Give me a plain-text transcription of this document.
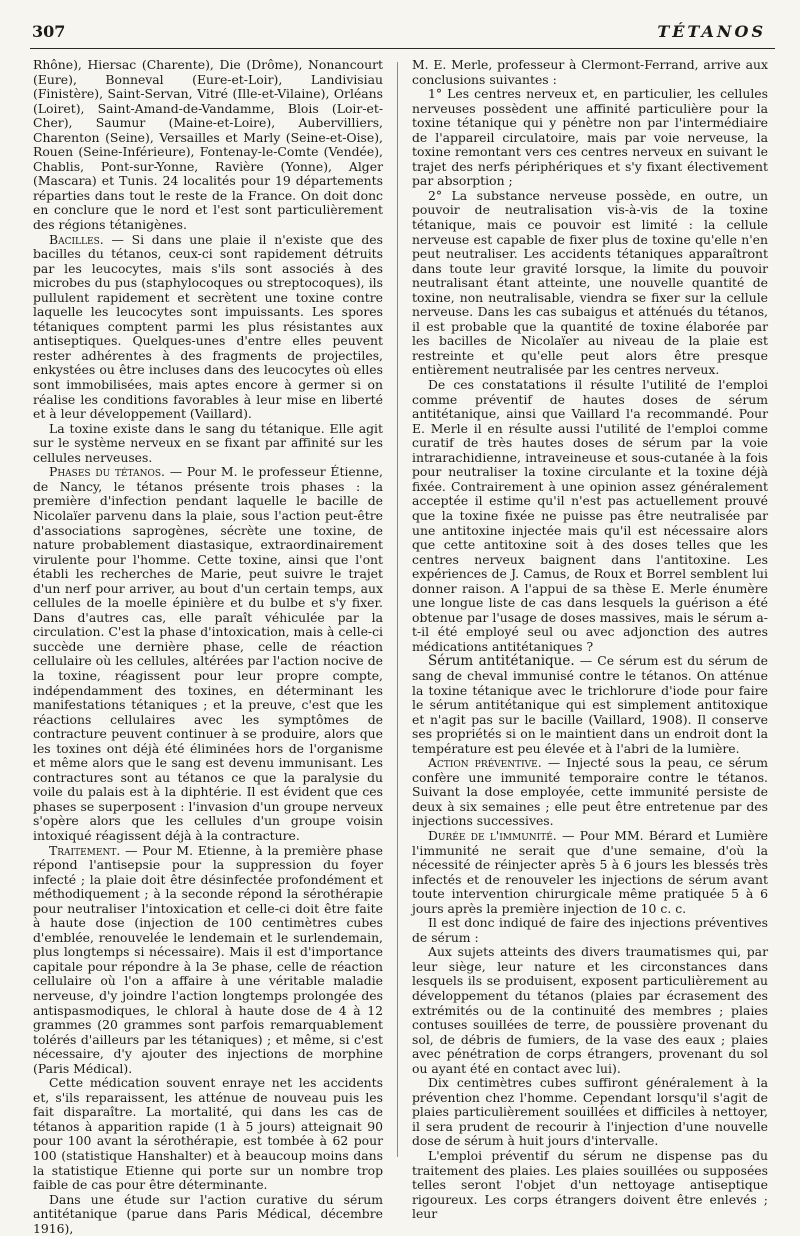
307	TÉTANOS

Rhône), Hiersac (Charente), Die (Drôme), Nonancourt (Eure), Bonneval (Eure-et-Loir), Landivisiau (Finistère), Saint-Servan, Vitré (Ille-et-Vilaine), Orléans (Loiret), Saint-Amand-de-Vandamme, Blois (Loir-et-Cher), Saumur (Maine-et-Loire), Aubervilliers, Charenton (Seine), Versailles et Marly (Seine-et-Oise), Rouen (Seine-Inférieure), Fontenay-le-Comte (Vendée), Chablis, Pont-sur-Yonne, Ravière (Yonne), Alger (Mascara) et Tunis. 24 localités pour 19 départements réparties dans tout le reste de la France. On doit donc en conclure que le nord et l'est sont particulièrement des régions tétanigènes.

Bacilles. — Si dans une plaie il n'existe que des bacilles du tétanos, ceux-ci sont rapidement détruits par les leucocytes, mais s'ils sont associés à des microbes du pus (staphylocoques ou streptocoques), ils pullulent rapidement et secrètent une toxine contre laquelle les leucocytes sont impuissants. Les spores tétaniques comptent parmi les plus résistantes aux antiseptiques. Quelques-unes d'entre elles peuvent rester adhérentes à des fragments de projectiles, enkystées ou être incluses dans des leucocytes où elles sont immobilisées, mais aptes encore à germer si on réalise les conditions favorables à leur mise en liberté et à leur développement (Vaillard).

La toxine existe dans le sang du tétanique. Elle agit sur le système nerveux en se fixant par affinité sur les cellules nerveuses.

Phases du tétanos. — Pour M. le professeur Étienne, de Nancy, le tétanos présente trois phases : la première d'infection pendant laquelle le bacille de Nicolaïer parvenu dans la plaie, sous l'action peut-être d'associations saprogènes, sécrète une toxine, de nature probablement diastasique, extraordinairement virulente pour l'homme. Cette toxine, ainsi que l'ont établi les recherches de Marie, peut suivre le trajet d'un nerf pour arriver, au bout d'un certain temps, aux cellules de la moelle épinière et du bulbe et s'y fixer. Dans d'autres cas, elle paraît véhiculée par la circulation. C'est la phase d'intoxication, mais à celle-ci succède une dernière phase, celle de réaction cellulaire où les cellules, altérées par l'action nocive de la toxine, réagissent pour leur propre compte, indépendamment des toxines, en déterminant les manifestations tétaniques ; et la preuve, c'est que les réactions cellulaires avec les symptômes de contracture peuvent continuer à se produire, alors que les toxines ont déjà été éliminées hors de l'organisme et même alors que le sang est devenu immunisant. Les contractures sont au tétanos ce que la paralysie du voile du palais est à la diphtérie. Il est évident que ces phases se superposent : l'invasion d'un groupe nerveux s'opère alors que les cellules d'un groupe voisin intoxiqué réagissent déjà à la contracture.

Traitement. — Pour M. Etienne, à la première phase répond l'antisepsie pour la suppression du foyer infecté ; la plaie doit être désinfectée profondément et méthodiquement ; à la seconde répond la sérothérapie pour neutraliser l'intoxication et celle-ci doit être faite à haute dose (injection de 100 centimètres cubes d'emblée, renouvelée le lendemain et le surlendemain, plus longtemps si nécessaire). Mais il est d'importance capitale pour répondre à la 3e phase, celle de réaction cellulaire où l'on a affaire à une véritable maladie nerveuse, d'y joindre l'action longtemps prolongée des antispasmodiques, le chloral à haute dose de 4 à 12 grammes (20 grammes sont parfois remarquablement tolérés d'ailleurs par les tétaniques) ; et même, si c'est nécessaire, d'y ajouter des injections de morphine (Paris Médical).

Cette médication souvent enraye net les accidents et, s'ils reparaissent, les atténue de nouveau puis les fait disparaître. La mortalité, qui dans les cas de tétanos à apparition rapide (1 à 5 jours) atteignait 90 pour 100 avant la sérothérapie, est tombée à 62 pour 100 (statistique Hanshalter) et à beaucoup moins dans la statistique Etienne qui porte sur un nombre trop faible de cas pour être déterminante.

Dans une étude sur l'action curative du sérum antitétanique (parue dans Paris Médical, décembre 1916),

M. E. Merle, professeur à Clermont-Ferrand, arrive aux conclusions suivantes :

1° Les centres nerveux et, en particulier, les cellules nerveuses possèdent une affinité particulière pour la toxine tétanique qui y pénètre non par l'intermédiaire de l'appareil circulatoire, mais par voie nerveuse, la toxine remontant vers ces centres nerveux en suivant le trajet des nerfs périphériques et s'y fixant électivement par absorption ;

2° La substance nerveuse possède, en outre, un pouvoir de neutralisation vis-à-vis de la toxine tétanique, mais ce pouvoir est limité : la cellule nerveuse est capable de fixer plus de toxine qu'elle n'en peut neutraliser. Les accidents tétaniques apparaîtront dans toute leur gravité lorsque, la limite du pouvoir neutralisant étant atteinte, une nouvelle quantité de toxine, non neutralisable, viendra se fixer sur la cellule nerveuse. Dans les cas subaigus et atténués du tétanos, il est probable que la quantité de toxine élaborée par les bacilles de Nicolaïer au niveau de la plaie est restreinte et qu'elle peut alors être presque entièrement neutralisée par les centres nerveux.

De ces constatations il résulte l'utilité de l'emploi comme préventif de hautes doses de sérum antitétanique, ainsi que Vaillard l'a recommandé. Pour E. Merle il en résulte aussi l'utilité de l'emploi comme curatif de très hautes doses de sérum par la voie intrarachidienne, intraveineuse et sous-cutanée à la fois pour neutraliser la toxine circulante et la toxine déjà fixée. Contrairement à une opinion assez généralement acceptée il estime qu'il n'est pas actuellement prouvé que la toxine fixée ne puisse pas être neutralisée par une antitoxine injectée mais qu'il est nécessaire alors que cette antitoxine soit à des doses telles que les centres nerveux baignent dans l'antitoxine. Les expériences de J. Camus, de Roux et Borrel semblent lui donner raison. A l'appui de sa thèse E. Merle énumère une longue liste de cas dans lesquels la guérison a été obtenue par l'usage de doses massives, mais le sérum a-t-il été employé seul ou avec adjonction des autres médications antitétaniques ?

Sérum antitétanique. — Ce sérum est du sérum de sang de cheval immunisé contre le tétanos. On atténue la toxine tétanique avec le trichlorure d'iode pour faire le sérum antitétanique qui est simplement antitoxique et n'agit pas sur le bacille (Vaillard, 1908). Il conserve ses propriétés si on le maintient dans un endroit dont la température est peu élevée et à l'abri de la lumière.

Action préventive. — Injecté sous la peau, ce sérum confère une immunité temporaire contre le tétanos. Suivant la dose employée, cette immunité persiste de deux à six semaines ; elle peut être entretenue par des injections successives.

Durée de l'immunité. — Pour MM. Bérard et Lumière l'immunité ne serait que d'une semaine, d'où la nécessité de réinjecter après 5 à 6 jours les blessés très infectés et de renouveler les injections de sérum avant toute intervention chirurgicale même pratiquée 5 à 6 jours après la première injection de 10 c. c.

Il est donc indiqué de faire des injections préventives de sérum :

Aux sujets atteints des divers traumatismes qui, par leur siège, leur nature et les circonstances dans lesquels ils se produisent, exposent particulièrement au développement du tétanos (plaies par écrasement des extrémités ou de la continuité des membres ; plaies contuses souillées de terre, de poussière provenant du sol, de débris de fumiers, de la vase des eaux ; plaies avec pénétration de corps étrangers, provenant du sol ou ayant été en contact avec lui).

Dix centimètres cubes suffiront généralement à la prévention chez l'homme. Cependant lorsqu'il s'agit de plaies particulièrement souillées et difficiles à nettoyer, il sera prudent de recourir à l'injection d'une nouvelle dose de sérum à huit jours d'intervalle.

L'emploi préventif du sérum ne dispense pas du traitement des plaies. Les plaies souillées ou supposées telles seront l'objet d'un nettoyage antiseptique rigoureux. Les corps étrangers doivent être enlevés ; leur
